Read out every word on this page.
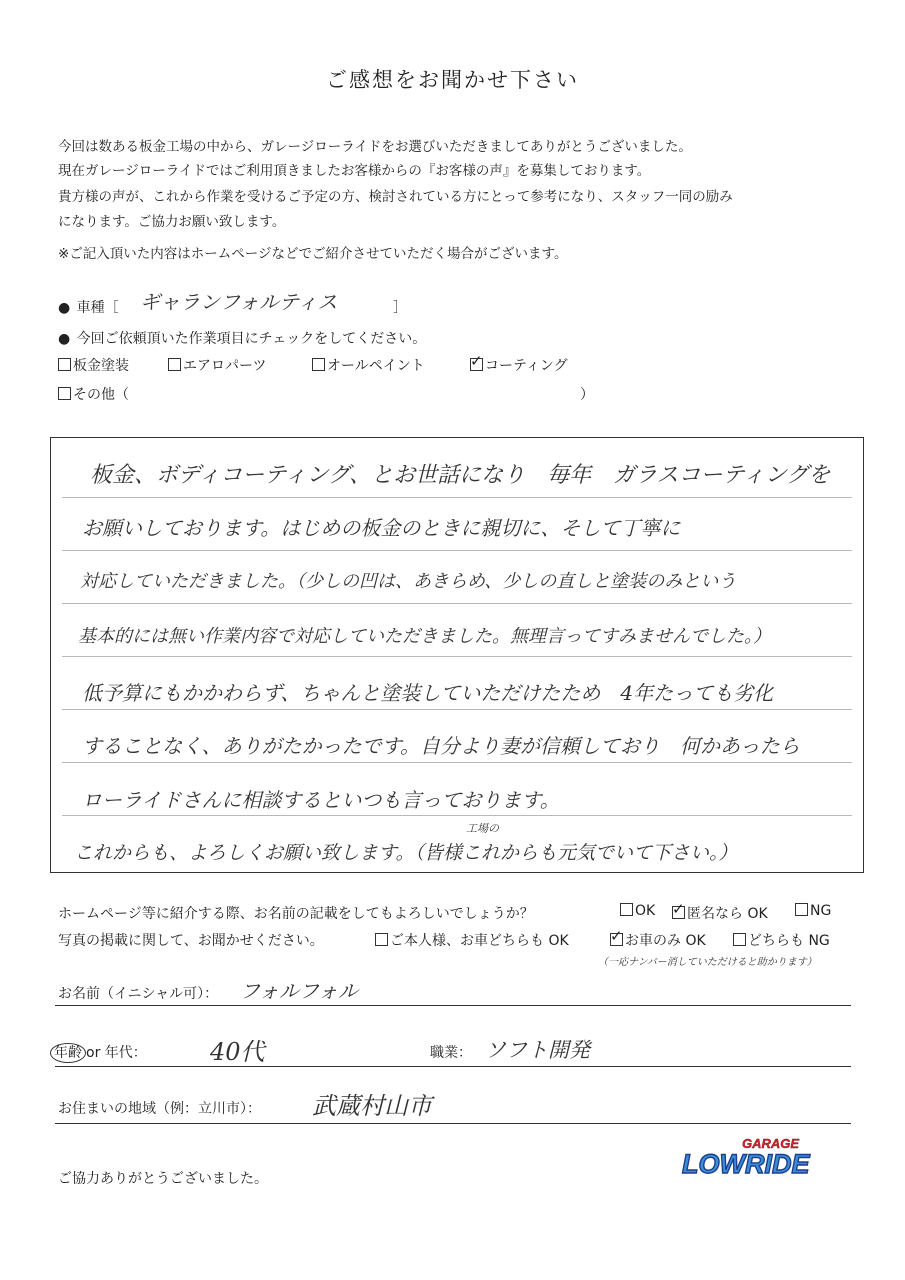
ご感想をお聞かせ下さい
今回は数ある板金工場の中から、ガレージローライドをお選びいただきましてありがとうございました。
現在ガレージローライドではご利用頂きましたお客様からの『お客様の声』を募集しております。
貴方様の声が、これから作業を受けるご予定の方、検討されている方にとって参考になり、スタッフ一同の励み
になります。ご協力お願い致します。
※ご記入頂いた内容はホームページなどでご紹介させていただく場合がございます。
● 車種［ ギャランフォルティス	］
● 今回ご依頼頂いた作業項目にチェックをしてください。
板金塗装	エアロパーツ	オールペイント ✓	コーティング
その他（	）
板金、ボディコーティング、とお世話になり　毎年　ガラスコーティングを
お願いしております。はじめの板金のときに親切に、そして丁寧に
対応していただきました。（少しの凹は、あきらめ、少しの直しと塗装のみという
基本的には無い作業内容で対応していただきました。無理言ってすみませんでした。）
低予算にもかかわらず、ちゃんと塗装していただけたため　4年たっても劣化
することなく、ありがたかったです。自分より妻が信頼しており　何かあったら
ローライドさんに相談するといつも言っております。
工場の
これからも、よろしくお願い致します。（皆様これからも元気でいて下さい。）
ホームページ等に紹介する際、お名前の記載をしてもよろしいでしょうか？	OK ✓	匿名なら OK	NG
写真の掲載に関して、お聞かせください。	ご本人様、お車どちらも OK ✓	お車のみ OK	どちらも NG
（一応ナンバー消していただけると助かります）
お名前（イニシャル可）： フォルフォル
年齢 or 年代：	40代	職業： ソフト開発
お住まいの地域（例：立川市）： 武蔵村山市
ご協力ありがとうございました。
GARAGE
LOWRIDE
